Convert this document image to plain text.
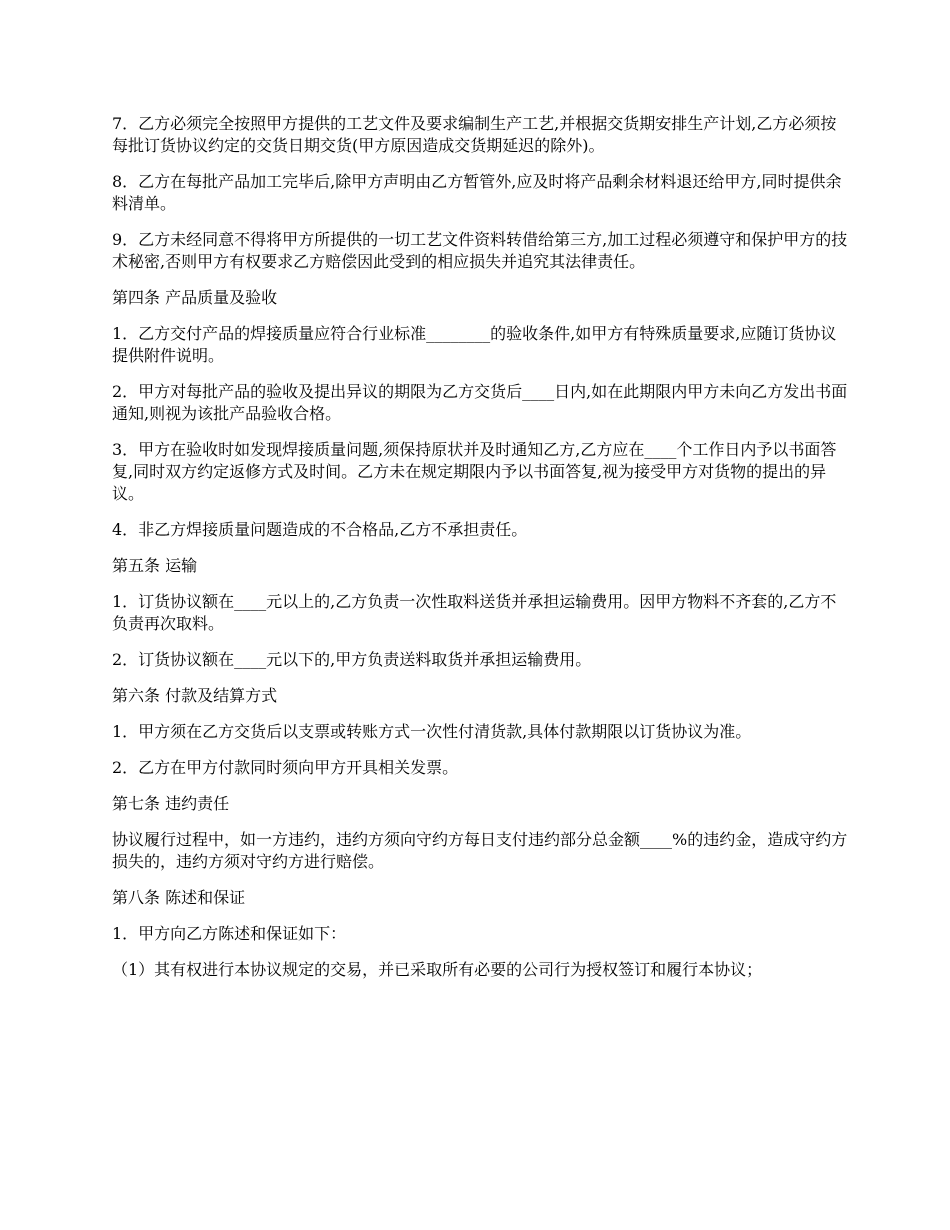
7．乙方必须完全按照甲方提供的工艺文件及要求编制生产工艺,并根据交货期安排生产计划,乙方必须按每批订货协议约定的交货日期交货(甲方原因造成交货期延迟的除外)。

8．乙方在每批产品加工完毕后,除甲方声明由乙方暂管外,应及时将产品剩余材料退还给甲方,同时提供余料清单。

9．乙方未经同意不得将甲方所提供的一切工艺文件资料转借给第三方,加工过程必须遵守和保护甲方的技术秘密,否则甲方有权要求乙方赔偿因此受到的相应损失并追究其法律责任。

第四条 产品质量及验收

1．乙方交付产品的焊接质量应符合行业标准________的验收条件,如甲方有特殊质量要求,应随订货协议提供附件说明。

2．甲方对每批产品的验收及提出异议的期限为乙方交货后____日内,如在此期限内甲方未向乙方发出书面通知,则视为该批产品验收合格。

3．甲方在验收时如发现焊接质量问题,须保持原状并及时通知乙方,乙方应在____个工作日内予以书面答复,同时双方约定返修方式及时间。乙方未在规定期限内予以书面答复,视为接受甲方对货物的提出的异议。

4．非乙方焊接质量问题造成的不合格品,乙方不承担责任。

第五条 运输

1．订货协议额在____元以上的,乙方负责一次性取料送货并承担运输费用。因甲方物料不齐套的,乙方不负责再次取料。

2．订货协议额在____元以下的,甲方负责送料取货并承担运输费用。

第六条 付款及结算方式

1．甲方须在乙方交货后以支票或转账方式一次性付清货款,具体付款期限以订货协议为准。

2．乙方在甲方付款同时须向甲方开具相关发票。

第七条 违约责任

协议履行过程中，如一方违约，违约方须向守约方每日支付违约部分总金额____%的违约金，造成守约方损失的，违约方须对守约方进行赔偿。

第八条 陈述和保证

1．甲方向乙方陈述和保证如下：

（1）其有权进行本协议规定的交易，并已采取所有必要的公司行为授权签订和履行本协议；
